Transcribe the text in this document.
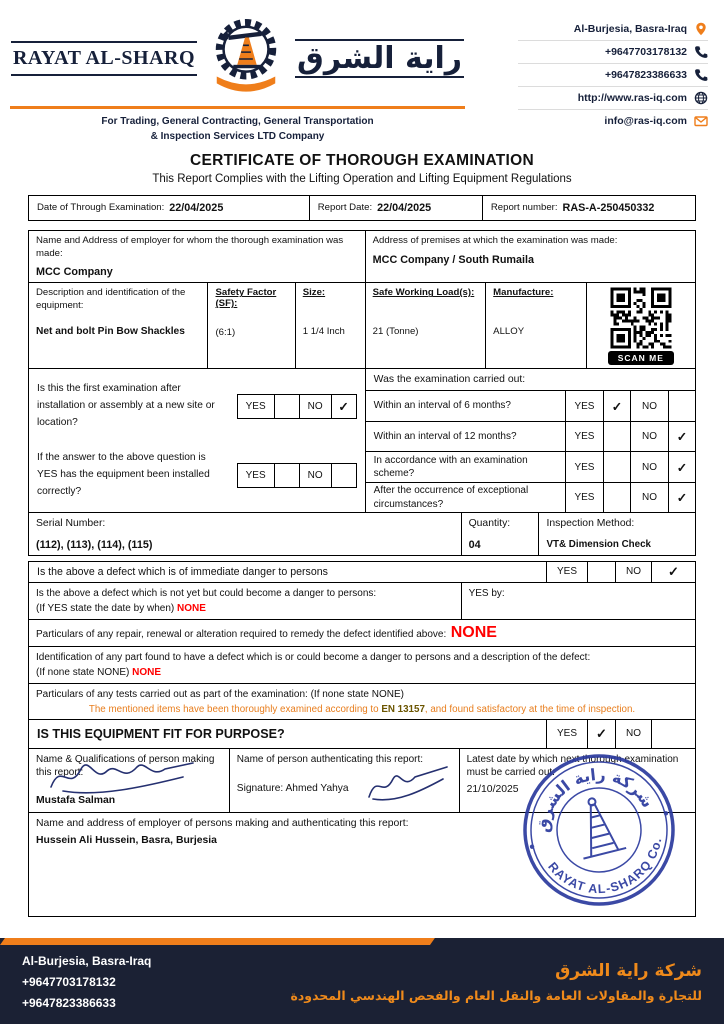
RAYAT AL-SHARQ	راية الشرق
For Trading, General Contracting, General Transportation
& Inspection Services LTD Company
Al-Burjesia, Basra-Iraq
+9647703178132
+9647823386633
http://www.ras-iq.com
info@ras-iq.com
CERTIFICATE OF THOROUGH EXAMINATION
This Report Complies with the Lifting Operation and Lifting Equipment Regulations
Date of Through Examination: 22/04/2025	Report Date: 22/04/2025	Report number: RAS-A-250450332
Name and Address of employer for whom the thorough examination was made:
MCC Company
Address of premises at which the examination was made:
MCC Company / South Rumaila
Description and identification of the equipment:
Net and bolt Pin Bow Shackles
Safety Factor (SF):
(6:1)
Size:
1 1/4 Inch
Safe Working Load(s):
21 (Tonne)
Manufacture:
ALLOY
SCAN ME
Is this the first examination after installation or assembly at a new site or location?
YES	NO	✓
If the answer to the above question is YES has the equipment been installed correctly?
YES	NO
Was the examination carried out:
Within an interval of 6 months?	YES	✓	NO
Within an interval of 12 months?	YES	NO	✓
In accordance with an examination scheme?
YES	NO	✓
After the occurrence of exceptional circumstances?
YES	NO	✓
Serial Number:
(112), (113), (114), (115)
Quantity:
04
Inspection Method:
VT& Dimension Check
Is the above a defect which is of immediate danger to persons	YES	NO	✓
Is the above a defect which is not yet but could become a danger to persons:
(If YES state the date by when) NONE
YES by:
Particulars of any repair, renewal or alteration required to remedy the defect identified above: NONE
Identification of any part found to have a defect which is or could become a danger to persons and a description of the defect:
(If none state NONE) NONE
Particulars of any tests carried out as part of the examination: (If none state NONE)
The mentioned items have been thoroughly examined according to EN 13157, and found satisfactory at the time of inspection.
IS THIS EQUIPMENT FIT FOR PURPOSE?	YES	✓	NO
Name & Qualifications of person making this report:
Mustafa Salman
Name of person authenticating this report:
Signature: Ahmed Yahya
Latest date by which next thorough examination must be carried out:
21/10/2025
Name and address of employer of persons making and authenticating this report:
Hussein Ali Hussein, Basra, Burjesia
شركة راية الشرق
RAYAT AL-SHARQ Co.
Al-Burjesia, Basra-Iraq
+9647703178132
+9647823386633
شركة راية الشرق
للتجارة والمقاولات العامة والنقل العام والفحص الهندسي المحدودة
